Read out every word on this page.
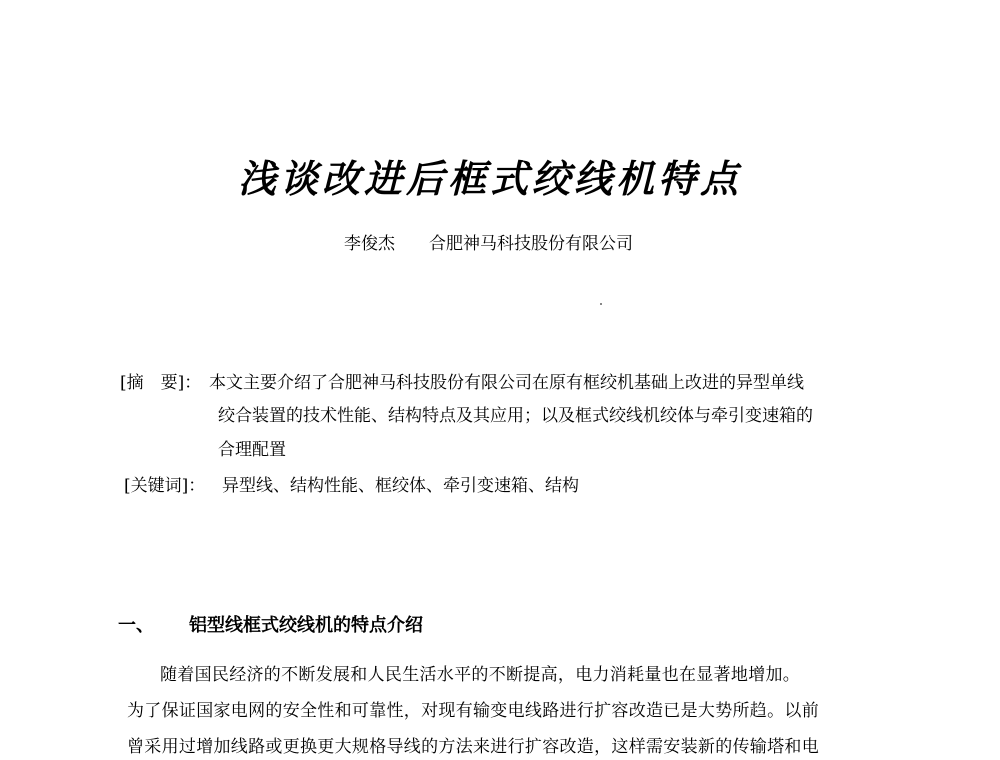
浅谈改进后框式绞线机特点
李俊杰 合肥神马科技股份有限公司
[摘　要]： 本文主要介绍了合肥神马科技股份有限公司在原有框绞机基础上改进的异型单线
绞合装置的技术性能、结构特点及其应用；以及框式绞线机绞体与牵引变速箱的
合理配置
[关键词]： 异型线、结构性能、框绞体、牵引变速箱、结构
一、 铝型线框式绞线机的特点介绍
随着国民经济的不断发展和人民生活水平的不断提高，电力消耗量也在显著地增加。
为了保证国家电网的安全性和可靠性，对现有输变电线路进行扩容改造已是大势所趋。以前
曾采用过增加线路或更换更大规格导线的方法来进行扩容改造，这样需安装新的传输塔和电
